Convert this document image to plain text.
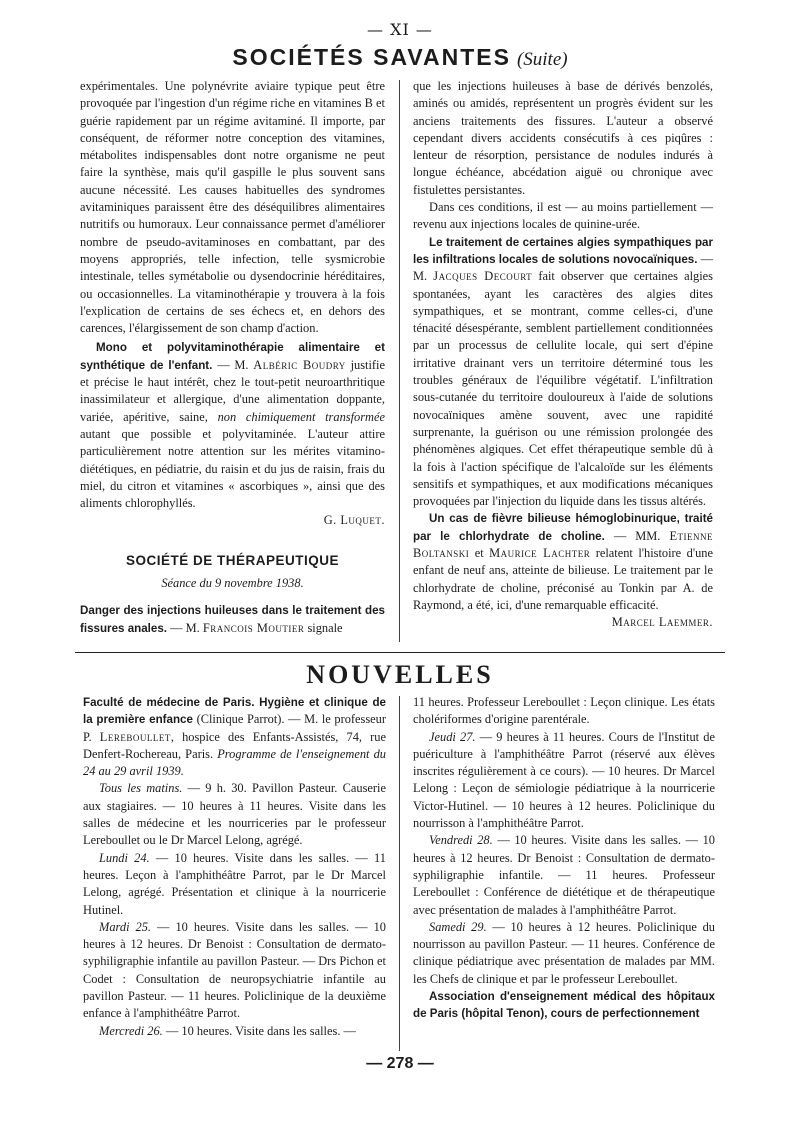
— XI —
SOCIÉTÉS SAVANTES (Suite)

expérimentales. Une polynévrite aviaire typique peut être provoquée par l'ingestion d'un régime riche en vitamines B et guérie rapidement par un régime avitaminé. Il importe, par conséquent, de réformer notre conception des vitamines, métabolites indispensables dont notre organisme ne peut faire la synthèse, mais qu'il gaspille le plus souvent sans aucune nécessité. Les causes habituelles des syndromes avitaminiques paraissent être des déséquilibres alimentaires nutritifs ou humoraux. Leur connaissance permet d'améliorer nombre de pseudo-avitaminoses en combattant, par des moyens appropriés, telle infection, telle sysmicrobie intestinale, telles symétabolie ou dysendocrinie héréditaires, ou occasionnelles. La vitaminothérapie y trouvera à la fois l'explication de certains de ses échecs et, en dehors des carences, l'élargissement de son champ d'action.

Mono et polyvitaminothérapie alimentaire et synthétique de l'enfant. — M. Albéric Boudry justifie et précise le haut intérêt, chez le tout-petit neuroarthritique inassimilateur et allergique, d'une alimentation doppante, variée, apéritive, saine, non chimiquement transformée autant que possible et polyvitaminée. L'auteur attire particulièrement notre attention sur les mérites vitamino-diététiques, en pédiatrie, du raisin et du jus de raisin, frais du miel, du citron et vitamines « ascorbiques », ainsi que des aliments chlorophyllés.

G. Luquet.

SOCIÉTÉ DE THÉRAPEUTIQUE
Séance du 9 novembre 1938.

Danger des injections huileuses dans le traitement des fissures anales. — M. Francois Moutier signale

que les injections huileuses à base de dérivés benzolés, aminés ou amidés, représentent un progrès évident sur les anciens traitements des fissures. L'auteur a observé cependant divers accidents consécutifs à ces piqûres : lenteur de résorption, persistance de nodules indurés à longue échéance, abcédation aiguë ou chronique avec fistulettes persistantes.

Dans ces conditions, il est — au moins partiellement — revenu aux injections locales de quinine-urée.

Le traitement de certaines algies sympathiques par les infiltrations locales de solutions novocaïniques. — M. Jacques Decourt fait observer que certaines algies spontanées, ayant les caractères des algies dites sympathiques, et se montrant, comme celles-ci, d'une ténacité désespérante, semblent partiellement conditionnées par un processus de cellulite locale, qui sert d'épine irritative drainant vers un territoire déterminé tous les troubles généraux de l'équilibre végétatif. L'infiltration sous-cutanée du territoire douloureux à l'aide de solutions novocaïniques amène souvent, avec une rapidité surprenante, la guérison ou une rémission prolongée des phénomènes algiques. Cet effet thérapeutique semble dû à la fois à l'action spécifique de l'alcaloïde sur les éléments sensitifs et sympathiques, et aux modifications mécaniques provoquées par l'injection du liquide dans les tissus altérés.

Un cas de fièvre bilieuse hémoglobinurique, traité par le chlorhydrate de choline. — MM. Etienne Boltanski et Maurice Lachter relatent l'histoire d'une enfant de neuf ans, atteinte de bilieuse. Le traitement par le chlorhydrate de choline, préconisé au Tonkin par A. de Raymond, a été, ici, d'une remarquable efficacité.

Marcel Laemmer.

NOUVELLES

Faculté de médecine de Paris. Hygiène et clinique de la première enfance (Clinique Parrot). — M. le professeur P. Lereboullet, hospice des Enfants-Assistés, 74, rue Denfert-Rochereau, Paris. Programme de l'enseignement du 24 au 29 avril 1939.

Tous les matins. — 9 h. 30. Pavillon Pasteur. Causerie aux stagiaires. — 10 heures à 11 heures. Visite dans les salles de médecine et les nourriceries par le professeur Lereboullet ou le Dr Marcel Lelong, agrégé.

Lundi 24. — 10 heures. Visite dans les salles. — 11 heures. Leçon à l'amphithéâtre Parrot, par le Dr Marcel Lelong, agrégé. Présentation et clinique à la nourricerie Hutinel.

Mardi 25. — 10 heures. Visite dans les salles. — 10 heures à 12 heures. Dr Benoist : Consultation de dermato-syphiligraphie infantile au pavillon Pasteur. — Drs Pichon et Codet : Consultation de neuropsychiatrie infantile au pavillon Pasteur. — 11 heures. Policlinique de la deuxième enfance à l'amphithéâtre Parrot.

Mercredi 26. — 10 heures. Visite dans les salles. —

11 heures. Professeur Lereboullet : Leçon clinique. Les états cholériformes d'origine parentérale.

Jeudi 27. — 9 heures à 11 heures. Cours de l'Institut de puériculture à l'amphithéâtre Parrot (réservé aux élèves inscrites régulièrement à ce cours). — 10 heures. Dr Marcel Lelong : Leçon de sémiologie pédiatrique à la nourricerie Victor-Hutinel. — 10 heures à 12 heures. Policlinique du nourrisson à l'amphithéâtre Parrot.

Vendredi 28. — 10 heures. Visite dans les salles. — 10 heures à 12 heures. Dr Benoist : Consultation de dermato-syphiligraphie infantile. — 11 heures. Professeur Lereboullet : Conférence de diététique et de thérapeutique avec présentation de malades à l'amphithéâtre Parrot.

Samedi 29. — 10 heures à 12 heures. Policlinique du nourrisson au pavillon Pasteur. — 11 heures. Conférence de clinique pédiatrique avec présentation de malades par MM. les Chefs de clinique et par le professeur Lereboullet.

Association d'enseignement médical des hôpitaux de Paris (hôpital Tenon), cours de perfectionnement

— 278 —
